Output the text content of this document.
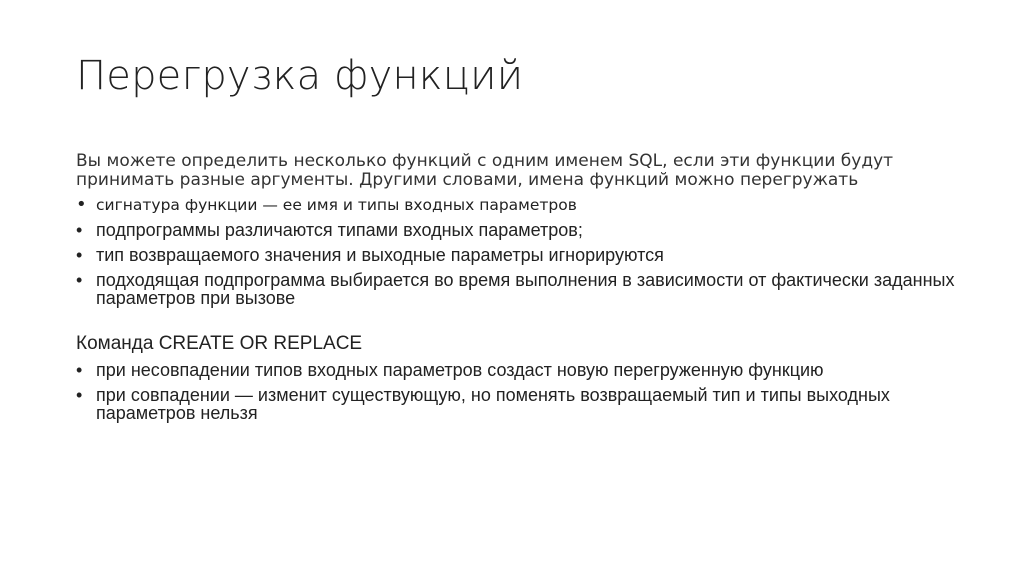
Перегрузка функций

Вы можете определить несколько функций с одним именем SQL, если эти функции будут принимать разные аргументы. Другими словами, имена функций можно перегружать

• сигнатура функции — ее имя и типы входных параметров
• подпрограммы различаются типами входных параметров;
• тип возвращаемого значения и выходные параметры игнорируются
• подходящая подпрограмма выбирается во время выполнения в зависимости от фактически заданных параметров при вызове
Команда CREATE OR REPLACE
• при несовпадении типов входных параметров создаст новую перегруженную функцию
• при совпадении — изменит существующую, но поменять возвращаемый тип и типы выходных параметров нельзя
